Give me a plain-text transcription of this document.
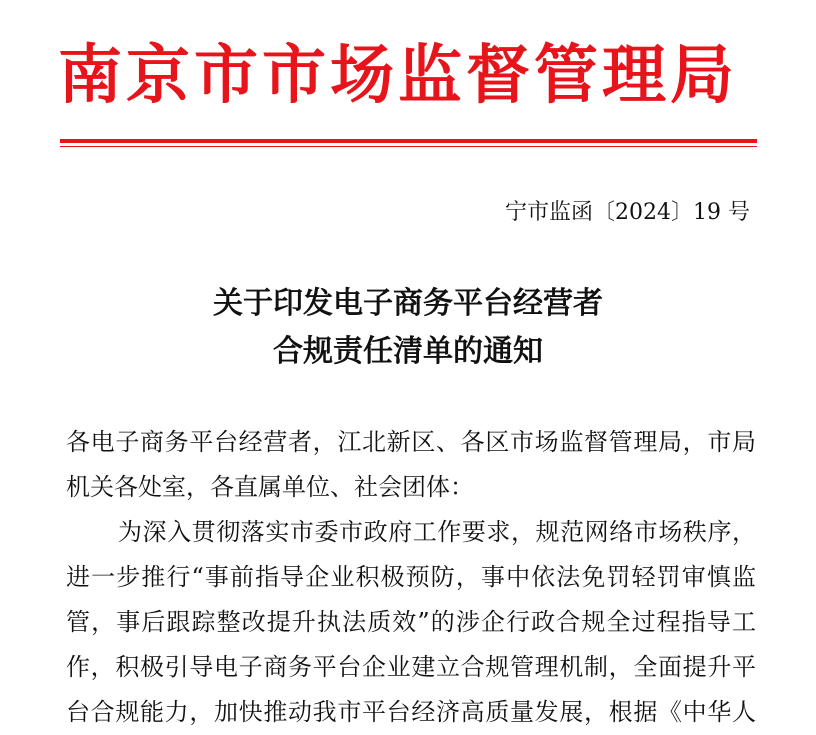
南京市市场监督管理局
宁市监函〔2024〕19 号
关于印发电子商务平台经营者
合规责任清单的通知
各电子商务平台经营者，江北新区、各区市场监督管理局，市局
机关各处室，各直属单位、社会团体：
为深入贯彻落实市委市政府工作要求，规范网络市场秩序，
进一步推行“事前指导企业积极预防，事中依法免罚轻罚审慎监
管，事后跟踪整改提升执法质效”的涉企行政合规全过程指导工
作，积极引导电子商务平台企业建立合规管理机制，全面提升平
台合规能力，加快推动我市平台经济高质量发展，根据《中华人
